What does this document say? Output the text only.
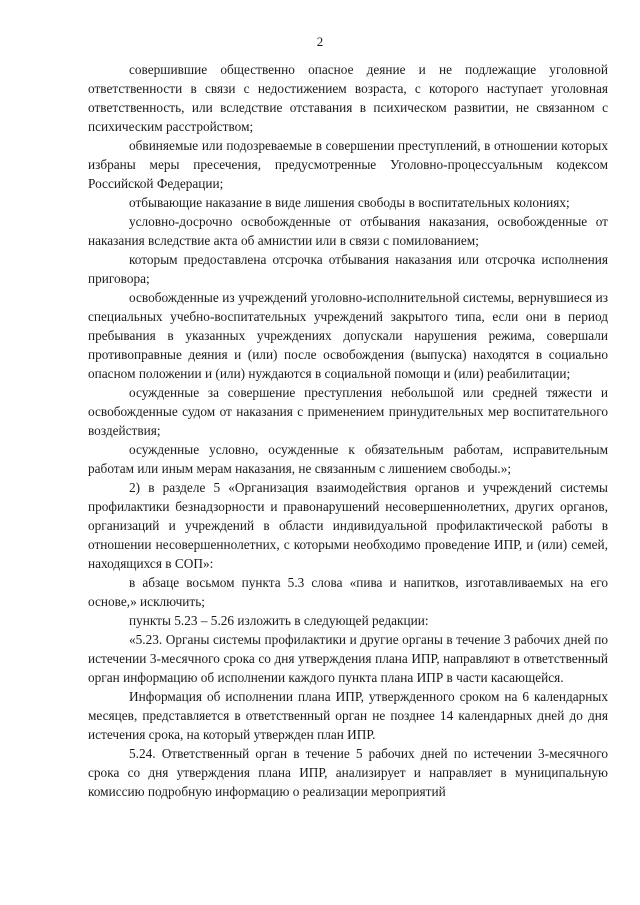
2

совершившие общественно опасное деяние и не подлежащие уголовной ответственности в связи с недостижением возраста, с которого наступает уголовная ответственность, или вследствие отставания в психическом развитии, не связанном с психическим расстройством;

обвиняемые или подозреваемые в совершении преступлений, в отношении которых избраны меры пресечения, предусмотренные Уголовно-процессуальным кодексом Российской Федерации;

отбывающие наказание в виде лишения свободы в воспитательных колониях;

условно-досрочно освобожденные от отбывания наказания, освобожденные от наказания вследствие акта об амнистии или в связи с помилованием;

которым предоставлена отсрочка отбывания наказания или отсрочка исполнения приговора;

освобожденные из учреждений уголовно-исполнительной системы, вернувшиеся из специальных учебно-воспитательных учреждений закрытого типа, если они в период пребывания в указанных учреждениях допускали нарушения режима, совершали противоправные деяния и (или) после освобождения (выпуска) находятся в социально опасном положении и (или) нуждаются в социальной помощи и (или) реабилитации;

осужденные за совершение преступления небольшой или средней тяжести и освобожденные судом от наказания с применением принудительных мер воспитательного воздействия;

осужденные условно, осужденные к обязательным работам, исправительным работам или иным мерам наказания, не связанным с лишением свободы.»;

2) в разделе 5 «Организация взаимодействия органов и учреждений системы профилактики безнадзорности и правонарушений несовершеннолетних, других органов, организаций и учреждений в области индивидуальной профилактической работы в отношении несовершеннолетних, с которыми необходимо проведение ИПР, и (или) семей, находящихся в СОП»:

в абзаце восьмом пункта 5.3 слова «пива и напитков, изготавливаемых на его основе,» исключить;

пункты 5.23 – 5.26 изложить в следующей редакции:

«5.23. Органы системы профилактики и другие органы в течение 3 рабочих дней по истечении 3-месячного срока со дня утверждения плана ИПР, направляют в ответственный орган информацию об исполнении каждого пункта плана ИПР в части касающейся.

Информация об исполнении плана ИПР, утвержденного сроком на 6 календарных месяцев, представляется в ответственный орган не позднее 14 календарных дней до дня истечения срока, на который утвержден план ИПР.

5.24. Ответственный орган в течение 5 рабочих дней по истечении 3-месячного срока со дня утверждения плана ИПР, анализирует и направляет в муниципальную комиссию подробную информацию о реализации мероприятий
